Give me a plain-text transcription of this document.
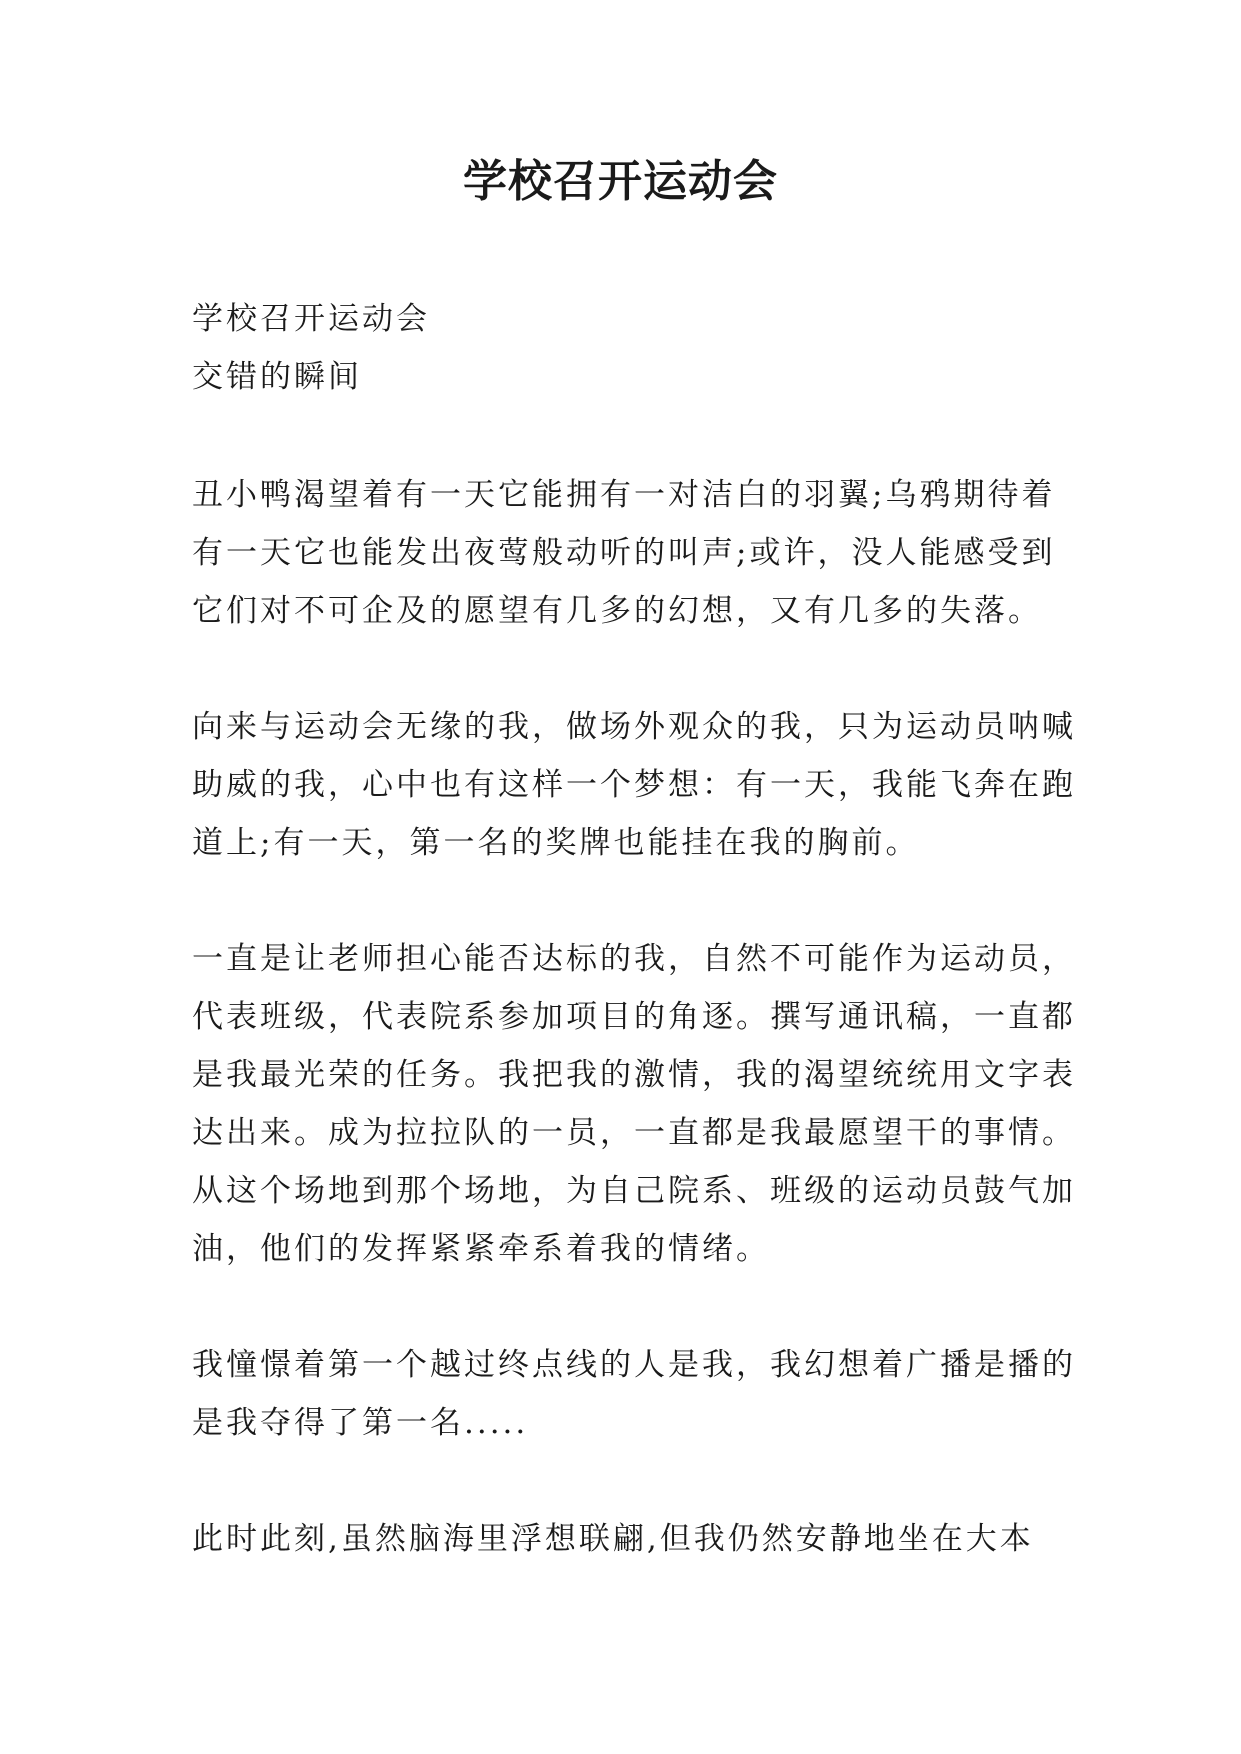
学校召开运动会

学校召开运动会

交错的瞬间

丑小鸭渴望着有一天它能拥有一对洁白的羽翼;乌鸦期待着

有一天它也能发出夜莺般动听的叫声;或许，没人能感受到

它们对不可企及的愿望有几多的幻想，又有几多的失落。

向来与运动会无缘的我，做场外观众的我，只为运动员呐喊

助威的我，心中也有这样一个梦想：有一天，我能飞奔在跑

道上;有一天，第一名的奖牌也能挂在我的胸前。

一直是让老师担心能否达标的我，自然不可能作为运动员，

代表班级，代表院系参加项目的角逐。撰写通讯稿，一直都

是我最光荣的任务。我把我的激情，我的渴望统统用文字表

达出来。成为拉拉队的一员，一直都是我最愿望干的事情。

从这个场地到那个场地，为自己院系、班级的运动员鼓气加

油，他们的发挥紧紧牵系着我的情绪。

我憧憬着第一个越过终点线的人是我，我幻想着广播是播的

是我夺得了第一名.....

此时此刻,虽然脑海里浮想联翩,但我仍然安静地坐在大本
